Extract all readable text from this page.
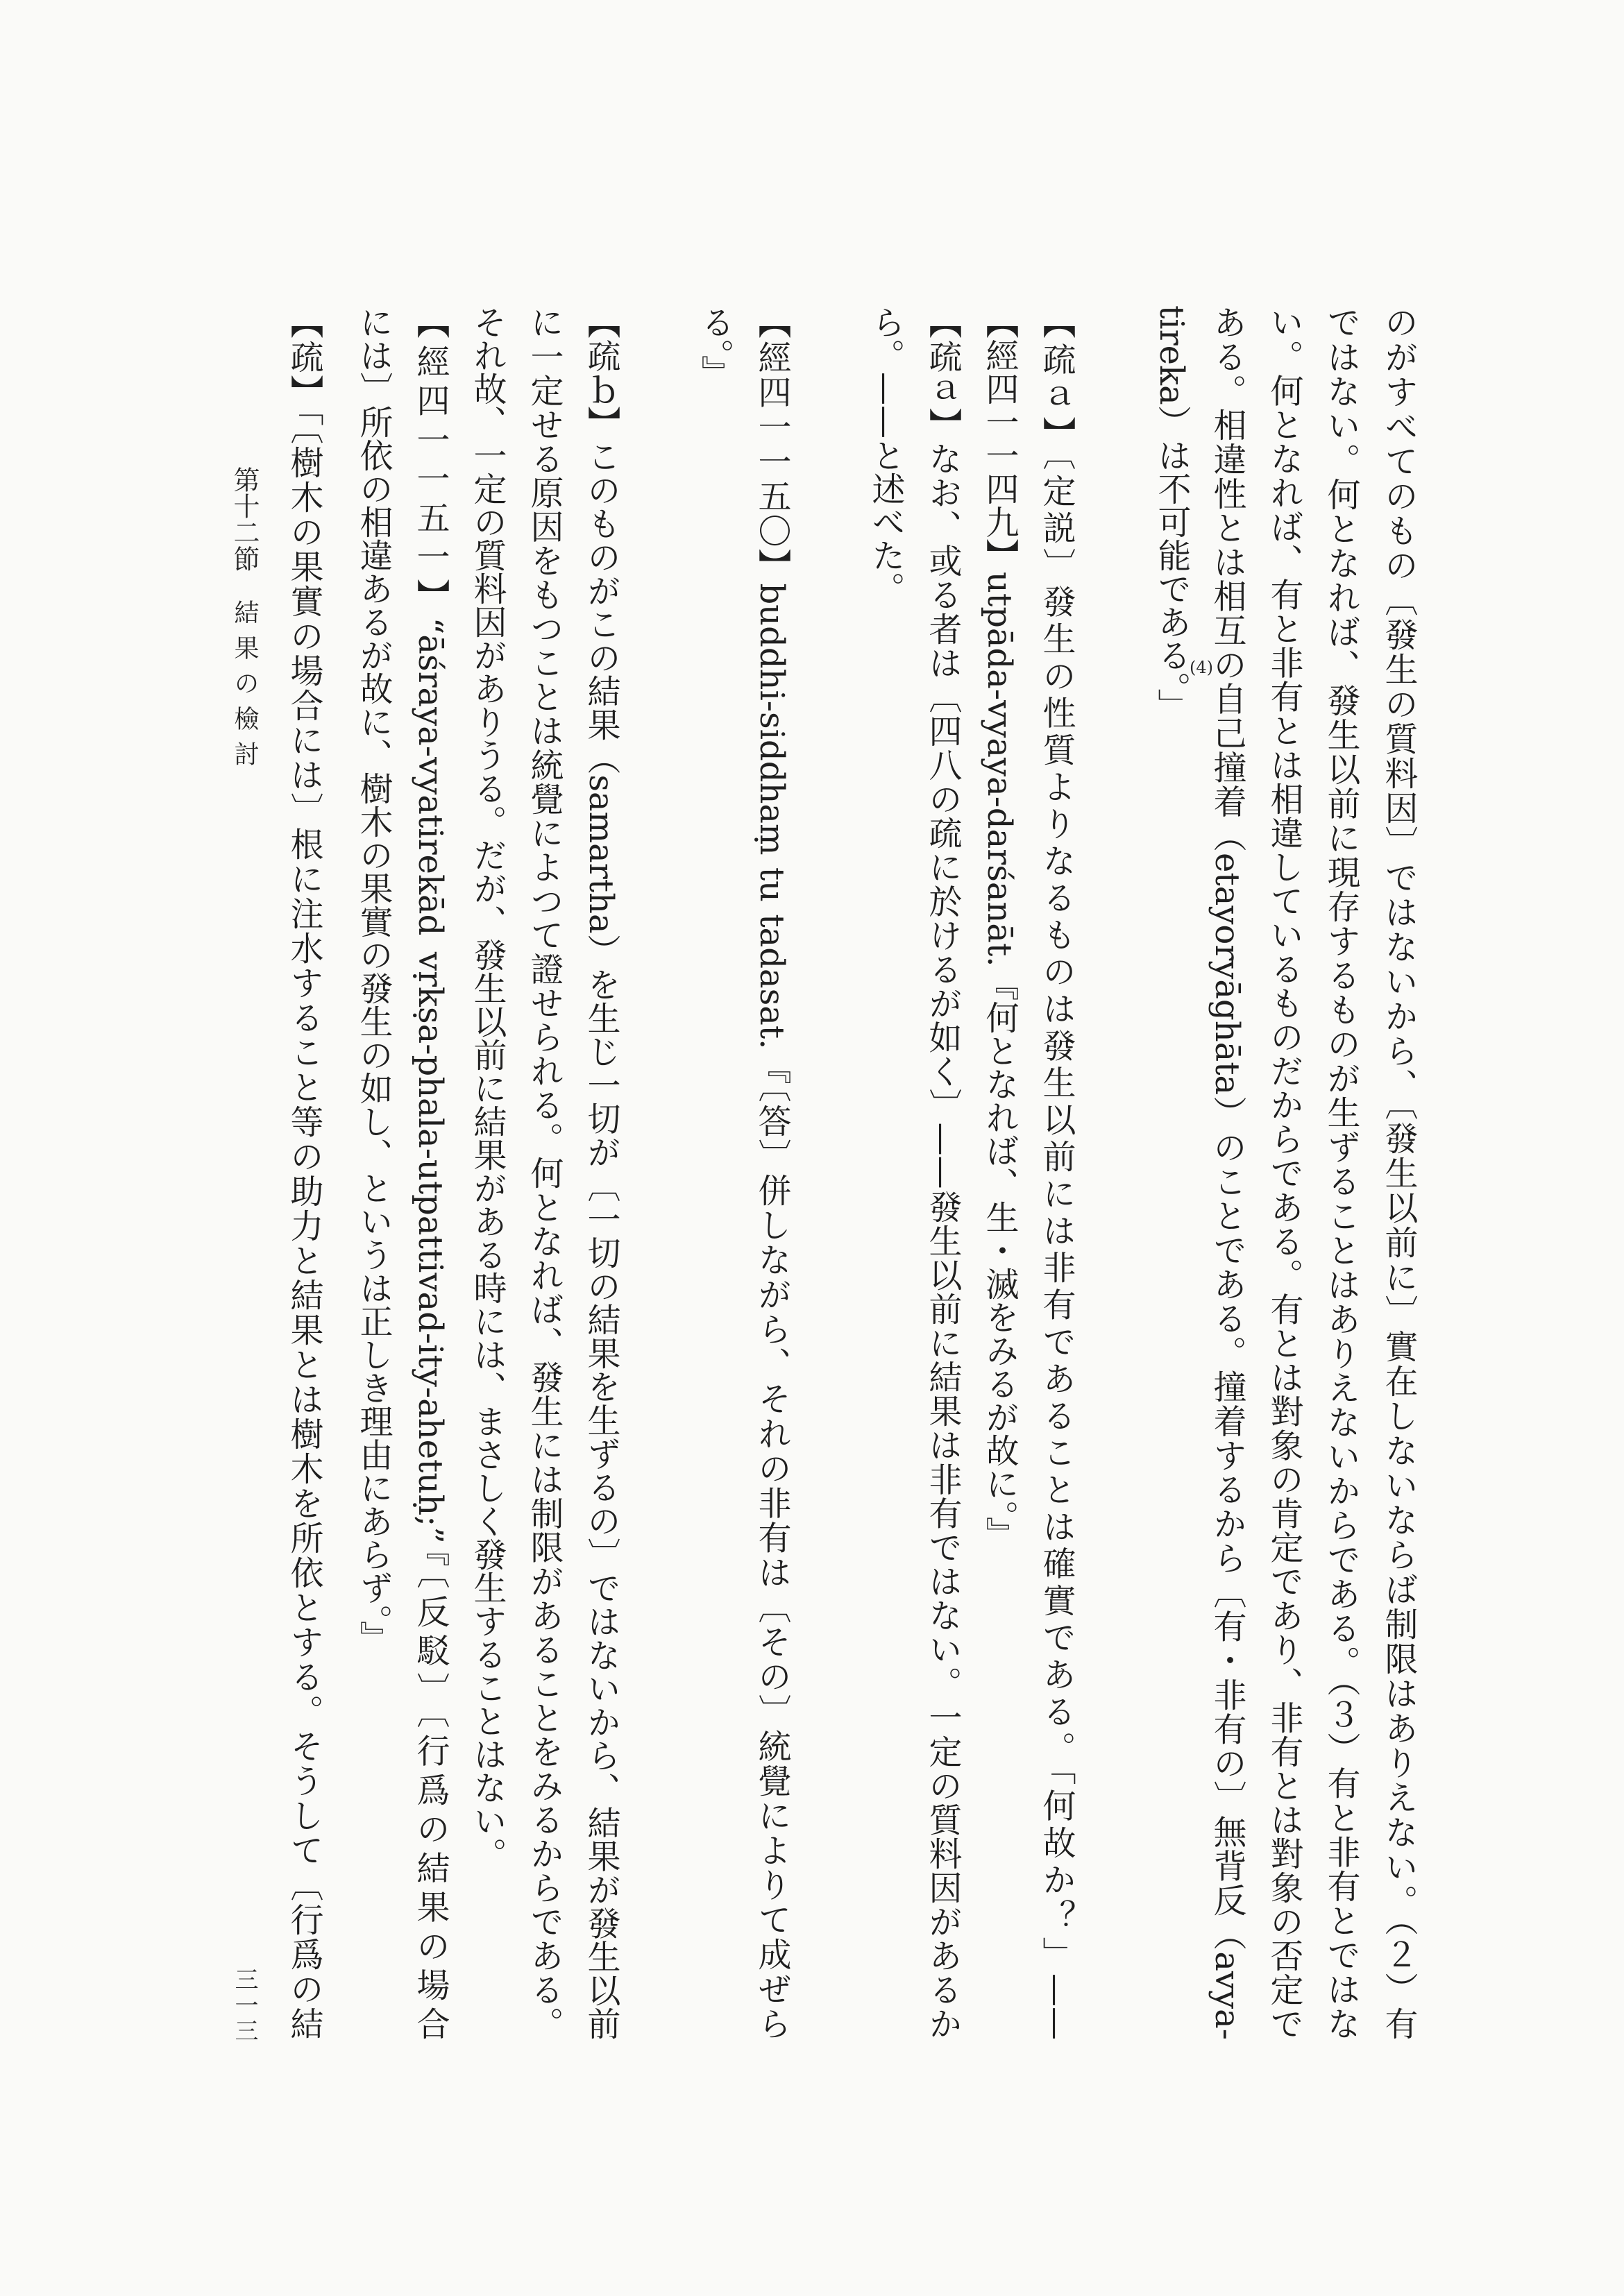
のがすべてのもの〔發生の質料因〕ではないから、〔發生以前に〕實在しないならば制限はありえない。（２）有
ではない。何となれば、發生以前に現存するものが生ずることはありえないからである。（３）有と非有とではな
い。何となれば、有と非有とは相違しているものだからである。有とは對象の肯定であり、非有とは對象の否定で
ある。相違性とは相互の自己撞着（etayoryāghāta）のことである。撞着するから〔有・非有の〕無背反（avya-
tireka）は不可能である。」
(4)
【疏ａ】〔定説〕發生の性質よりなるものは發生以前には非有であることは確實である。「何故か？」——
【經四一一四九】utpāda-vyaya-darśanāt.『何となれば、生・滅をみるが故に。』
【疏ａ】なお、或る者は〔四八の疏に於けるが如く〕——發生以前に結果は非有ではない。一定の質料因があるか
ら。——と述べた。
【經四一一五〇】buddhi-siddhaṃ tu tadasat.『〔答〕併しながら、それの非有は〔その〕統覺によりて成ぜら
る。』
【疏ｂ】このものがこの結果（samartha）を生じ一切が〔一切の結果を生ずるの〕ではないから、結果が發生以前
に一定せる原因をもつことは統覺によつて證せられる。何となれば、發生には制限があることをみるからである。
それ故、一定の質料因がありうる。だが、發生以前に結果がある時には、まさしく發生することはない。
【經四一一五一】“āśraya-vyatirekād vṛkṣa-phala-utpattivad-ity-ahetuḥ;”『〔反駁〕〔行爲の結果の場合
には〕所依の相違あるが故に、樹木の果實の發生の如し、というは正しき理由にあらず。』
【疏】「〔樹木の果實の場合には〕根に注水すること等の助力と結果とは樹木を所依とする。そうして〔行爲の結
第十二節結果の檢討
三一三
